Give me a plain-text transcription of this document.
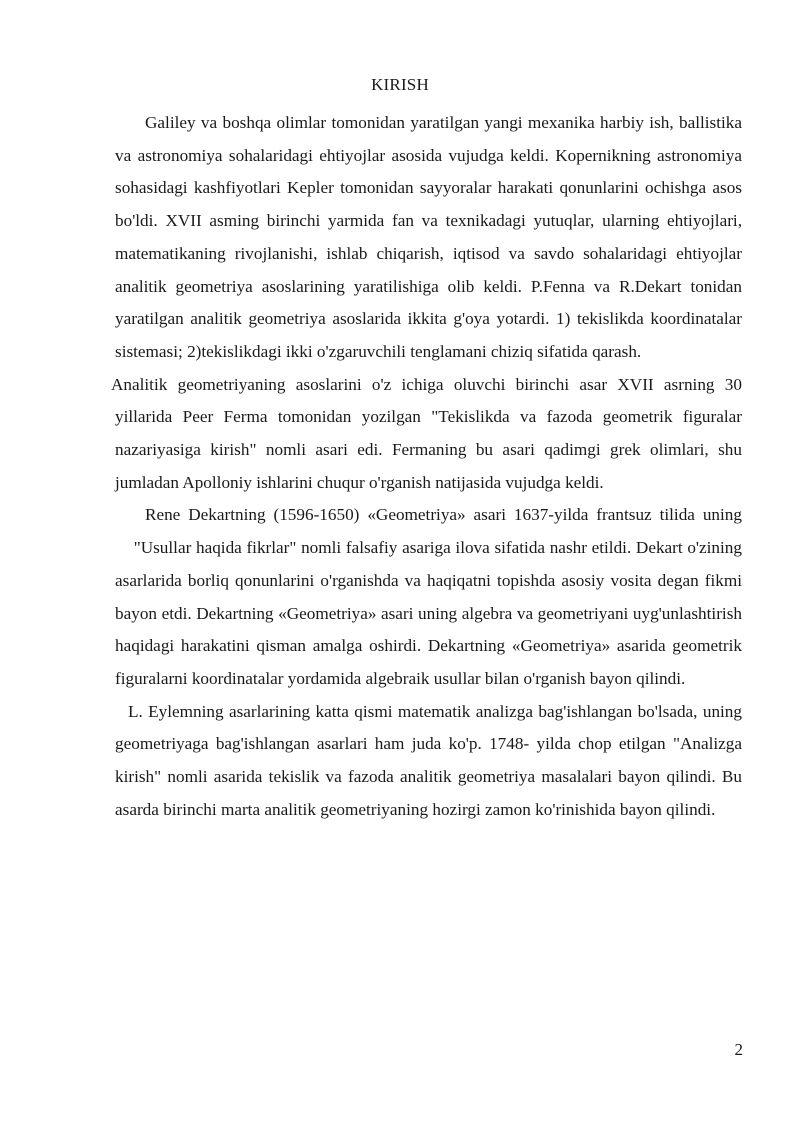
KIRISH

Galiley va boshqa olimlar tomonidan yaratilgan yangi mexanika harbiy ish, ballistika va astronomiya sohalaridagi ehtiyojlar asosida vujudga keldi. Kopernikning astronomiya sohasidagi kashfiyotlari Kepler tomonidan sayyoralar harakati qonunlarini ochishga asos bo'ldi. XVII asming birinchi yarmida fan va texnikadagi yutuqlar, ularning ehtiyojlari, matematikaning rivojlanishi, ishlab chiqarish, iqtisod va savdo sohalaridagi ehtiyojlar analitik geometriya asoslarining yaratilishiga olib keldi. P.Fenna va R.Dekart tonidan yaratilgan analitik geometriya asoslarida ikkita g'oya yotardi. 1) tekislikda koordinatalar sistemasi; 2)tekislikdagi ikki o'zgaruvchili tenglamani chiziq sifatida qarash.

Analitik geometriyaning asoslarini o'z ichiga oluvchi birinchi asar XVII asrning 30 yillarida Peer Ferma tomonidan yozilgan "Tekislikda va fazoda geometrik figuralar nazariyasiga kirish" nomli asari edi. Fermaning bu asari qadimgi grek olimlari, shu jumladan Apolloniy ishlarini chuqur o'rganish natijasida vujudga keldi.

Rene Dekartning (1596-1650) «Geometriya» asari 1637-yilda frantsuz tilida uning     "Usullar haqida fikrlar" nomli falsafiy asariga ilova sifatida nashr etildi. Dekart o'zining asarlarida borliq qonunlarini o'rganishda va haqiqatni topishda asosiy vosita degan fikmi bayon etdi. Dekartning «Geometriya» asari uning algebra va geometriyani uyg'unlashtirish haqidagi harakatini qisman amalga oshirdi. Dekartning «Geometriya» asarida geometrik figuralarni koordinatalar yordamida algebraik usullar bilan o'rganish bayon qilindi.

L. Eylemning asarlarining katta qismi matematik analizga bag'ishlangan bo'lsada, uning geometriyaga bag'ishlangan asarlari ham juda ko'p. 1748- yilda chop etilgan "Analizga kirish" nomli asarida tekislik va fazoda analitik geometriya masalalari bayon qilindi. Bu asarda birinchi marta analitik geometriyaning hozirgi zamon ko'rinishida bayon qilindi.

2
